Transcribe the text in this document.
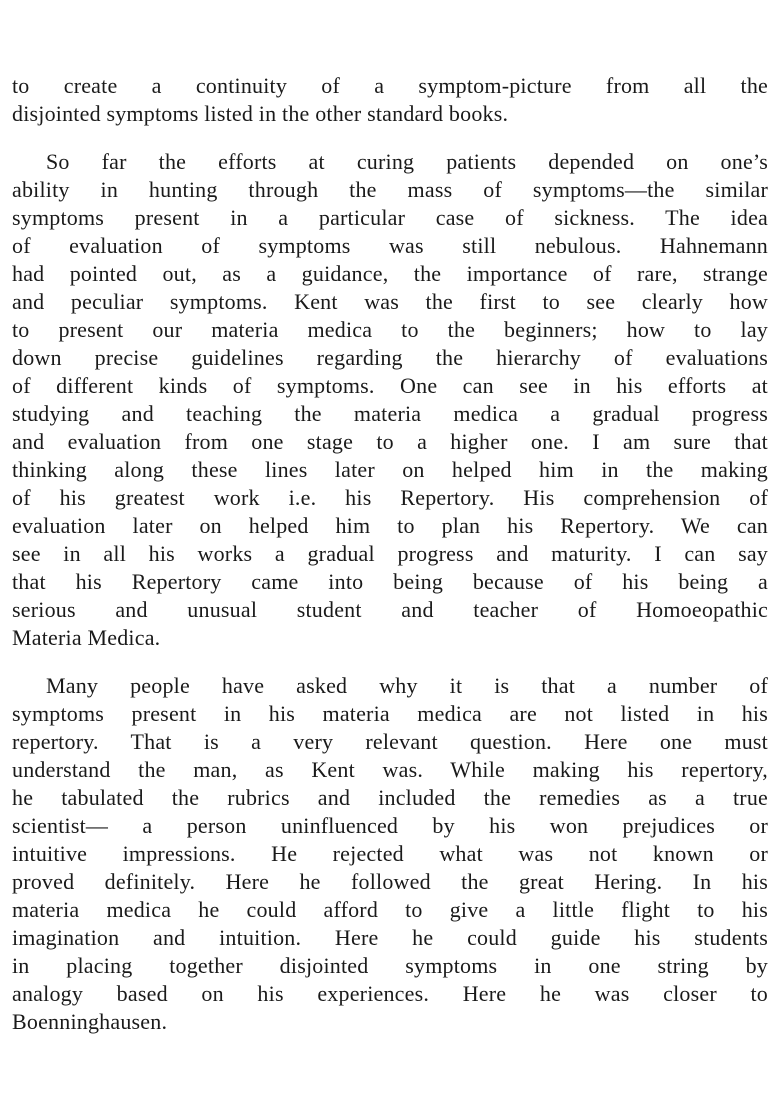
to create a continuity of a symptom-picture from all the
disjointed symptoms listed in the other standard books.
So far the efforts at curing patients depended on one’s
ability in hunting through the mass of symptoms—the similar
symptoms present in a particular case of sickness. The idea
of evaluation of symptoms was still nebulous. Hahnemann
had pointed out, as a guidance, the importance of rare, strange
and peculiar symptoms. Kent was the first to see clearly how
to present our materia medica to the beginners; how to lay
down precise guidelines regarding the hierarchy of evaluations
of different kinds of symptoms. One can see in his efforts at
studying and teaching the materia medica a gradual progress
and evaluation from one stage to a higher one. I am sure that
thinking along these lines later on helped him in the making
of his greatest work i.e. his Repertory. His comprehension of
evaluation later on helped him to plan his Repertory. We can
see in all his works a gradual progress and maturity. I can say
that his Repertory came into being because of his being a
serious and unusual student and teacher of Homoeopathic
Materia Medica.
Many people have asked why it is that a number of
symptoms present in his materia medica are not listed in his
repertory. That is a very relevant question. Here one must
understand the man, as Kent was. While making his repertory,
he tabulated the rubrics and included the remedies as a true
scientist— a person uninfluenced by his won prejudices or
intuitive impressions. He rejected what was not known or
proved definitely. Here he followed the great Hering. In his
materia medica he could afford to give a little flight to his
imagination and intuition. Here he could guide his students
in placing together disjointed symptoms in one string by
analogy based on his experiences. Here he was closer to
Boenninghausen.
